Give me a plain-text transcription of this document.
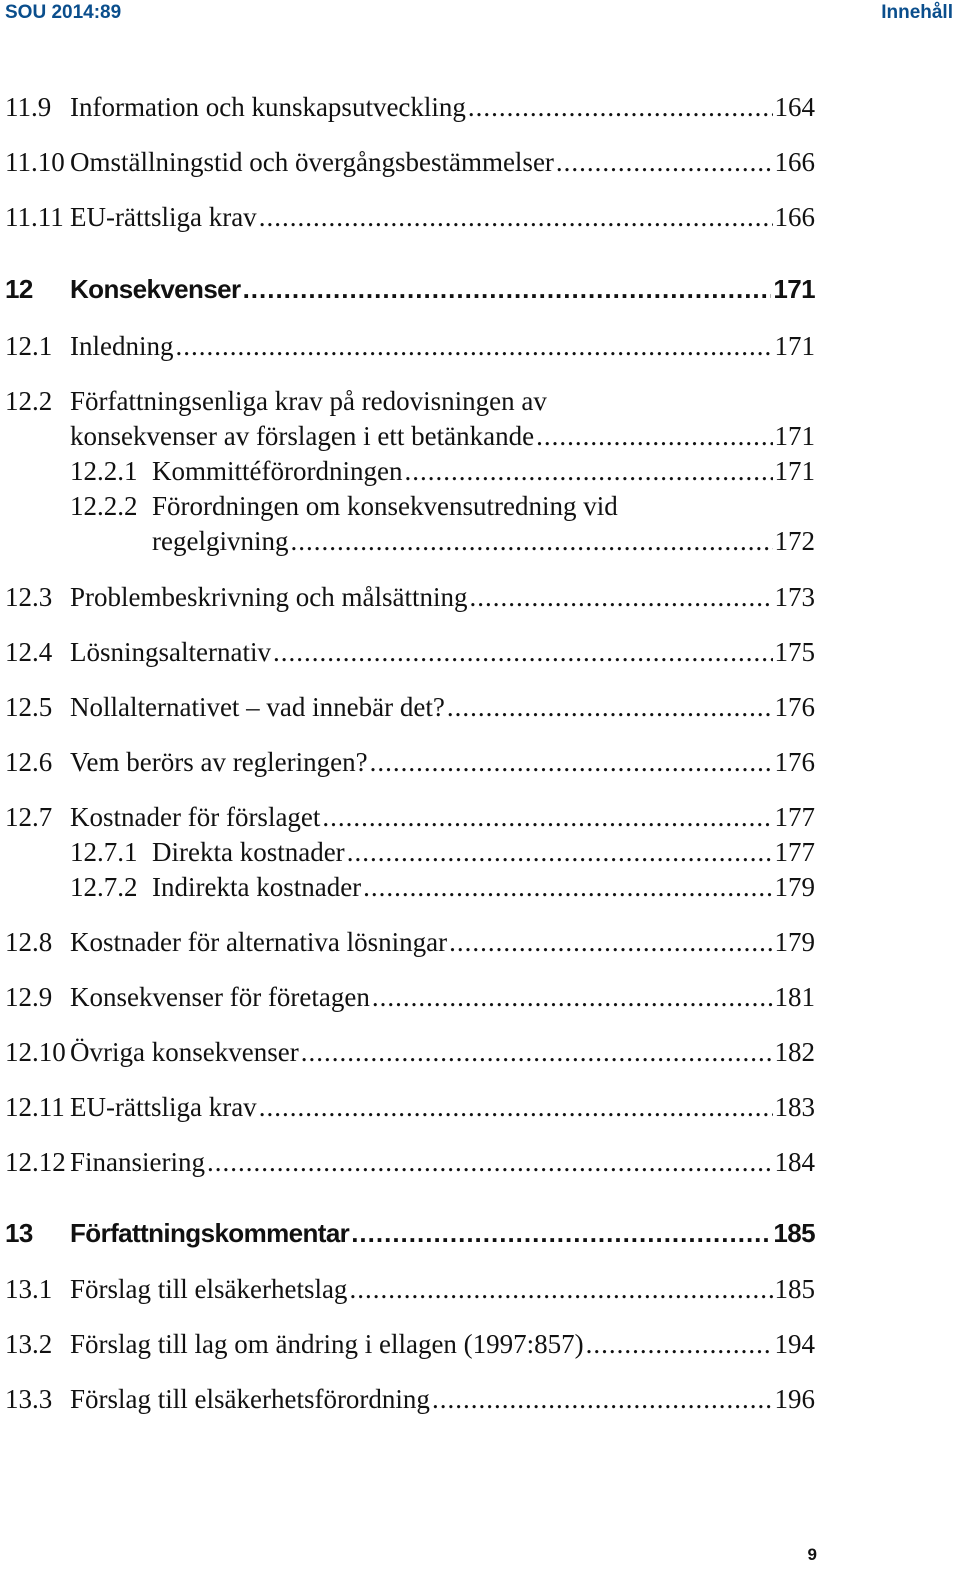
SOU 2014:89	Innehåll
11.9 Information och kunskapsutveckling .....	164
11.10 Omställningstid och övergångsbestämmelser .....	166
11.11 EU-rättsliga krav .....	166
12 Konsekvenser .....	171
12.1 Inledning .....	171
12.2 Författningsenliga krav på redovisningen av
konsekvenser av förslagen i ett betänkande .....	171
12.2.1 Kommittéförordningen .....	171
12.2.2 Förordningen om konsekvensutredning vid
regelgivning .....	172
12.3 Problembeskrivning och målsättning .....	173
12.4 Lösningsalternativ .....	175
12.5 Nollalternativet – vad innebär det? .....	176
12.6 Vem berörs av regleringen? .....	176
12.7 Kostnader för förslaget .....	177
12.7.1 Direkta kostnader .....	177
12.7.2 Indirekta kostnader .....	179
12.8 Kostnader för alternativa lösningar .....	179
12.9 Konsekvenser för företagen .....	181
12.10 Övriga konsekvenser .....	182
12.11 EU-rättsliga krav .....	183
12.12 Finansiering .....	184
13 Författningskommentar .....	185
13.1 Förslag till elsäkerhetslag .....	185
13.2 Förslag till lag om ändring i ellagen (1997:857) .....	194
13.3 Förslag till elsäkerhetsförordning .....	196
9
